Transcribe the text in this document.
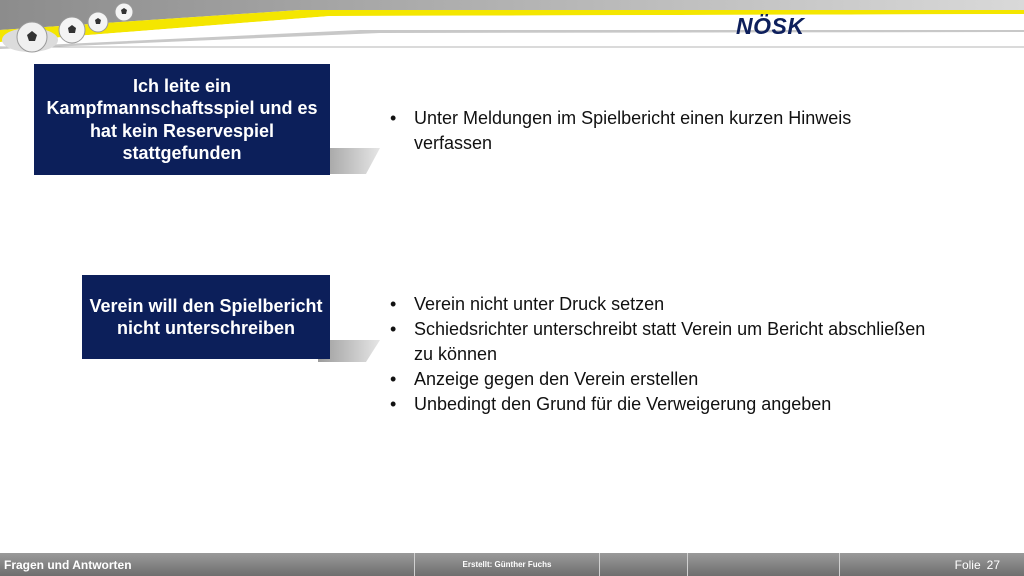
NÖSK
Ich leite ein Kampfmannschaftsspiel und es hat kein Reservespiel stattgefunden
• Unter Meldungen im Spielbericht einen kurzen Hinweis verfassen
Verein will den Spielbericht nicht unterschreiben
• Verein nicht unter Druck setzen
• Schiedsrichter unterschreibt statt Verein um Bericht abschließen zu können
• Anzeige gegen den Verein erstellen
• Unbedingt den Grund für die Verweigerung angeben
Fragen und Antworten	Erstellt: Günther Fuchs	Folie 27
